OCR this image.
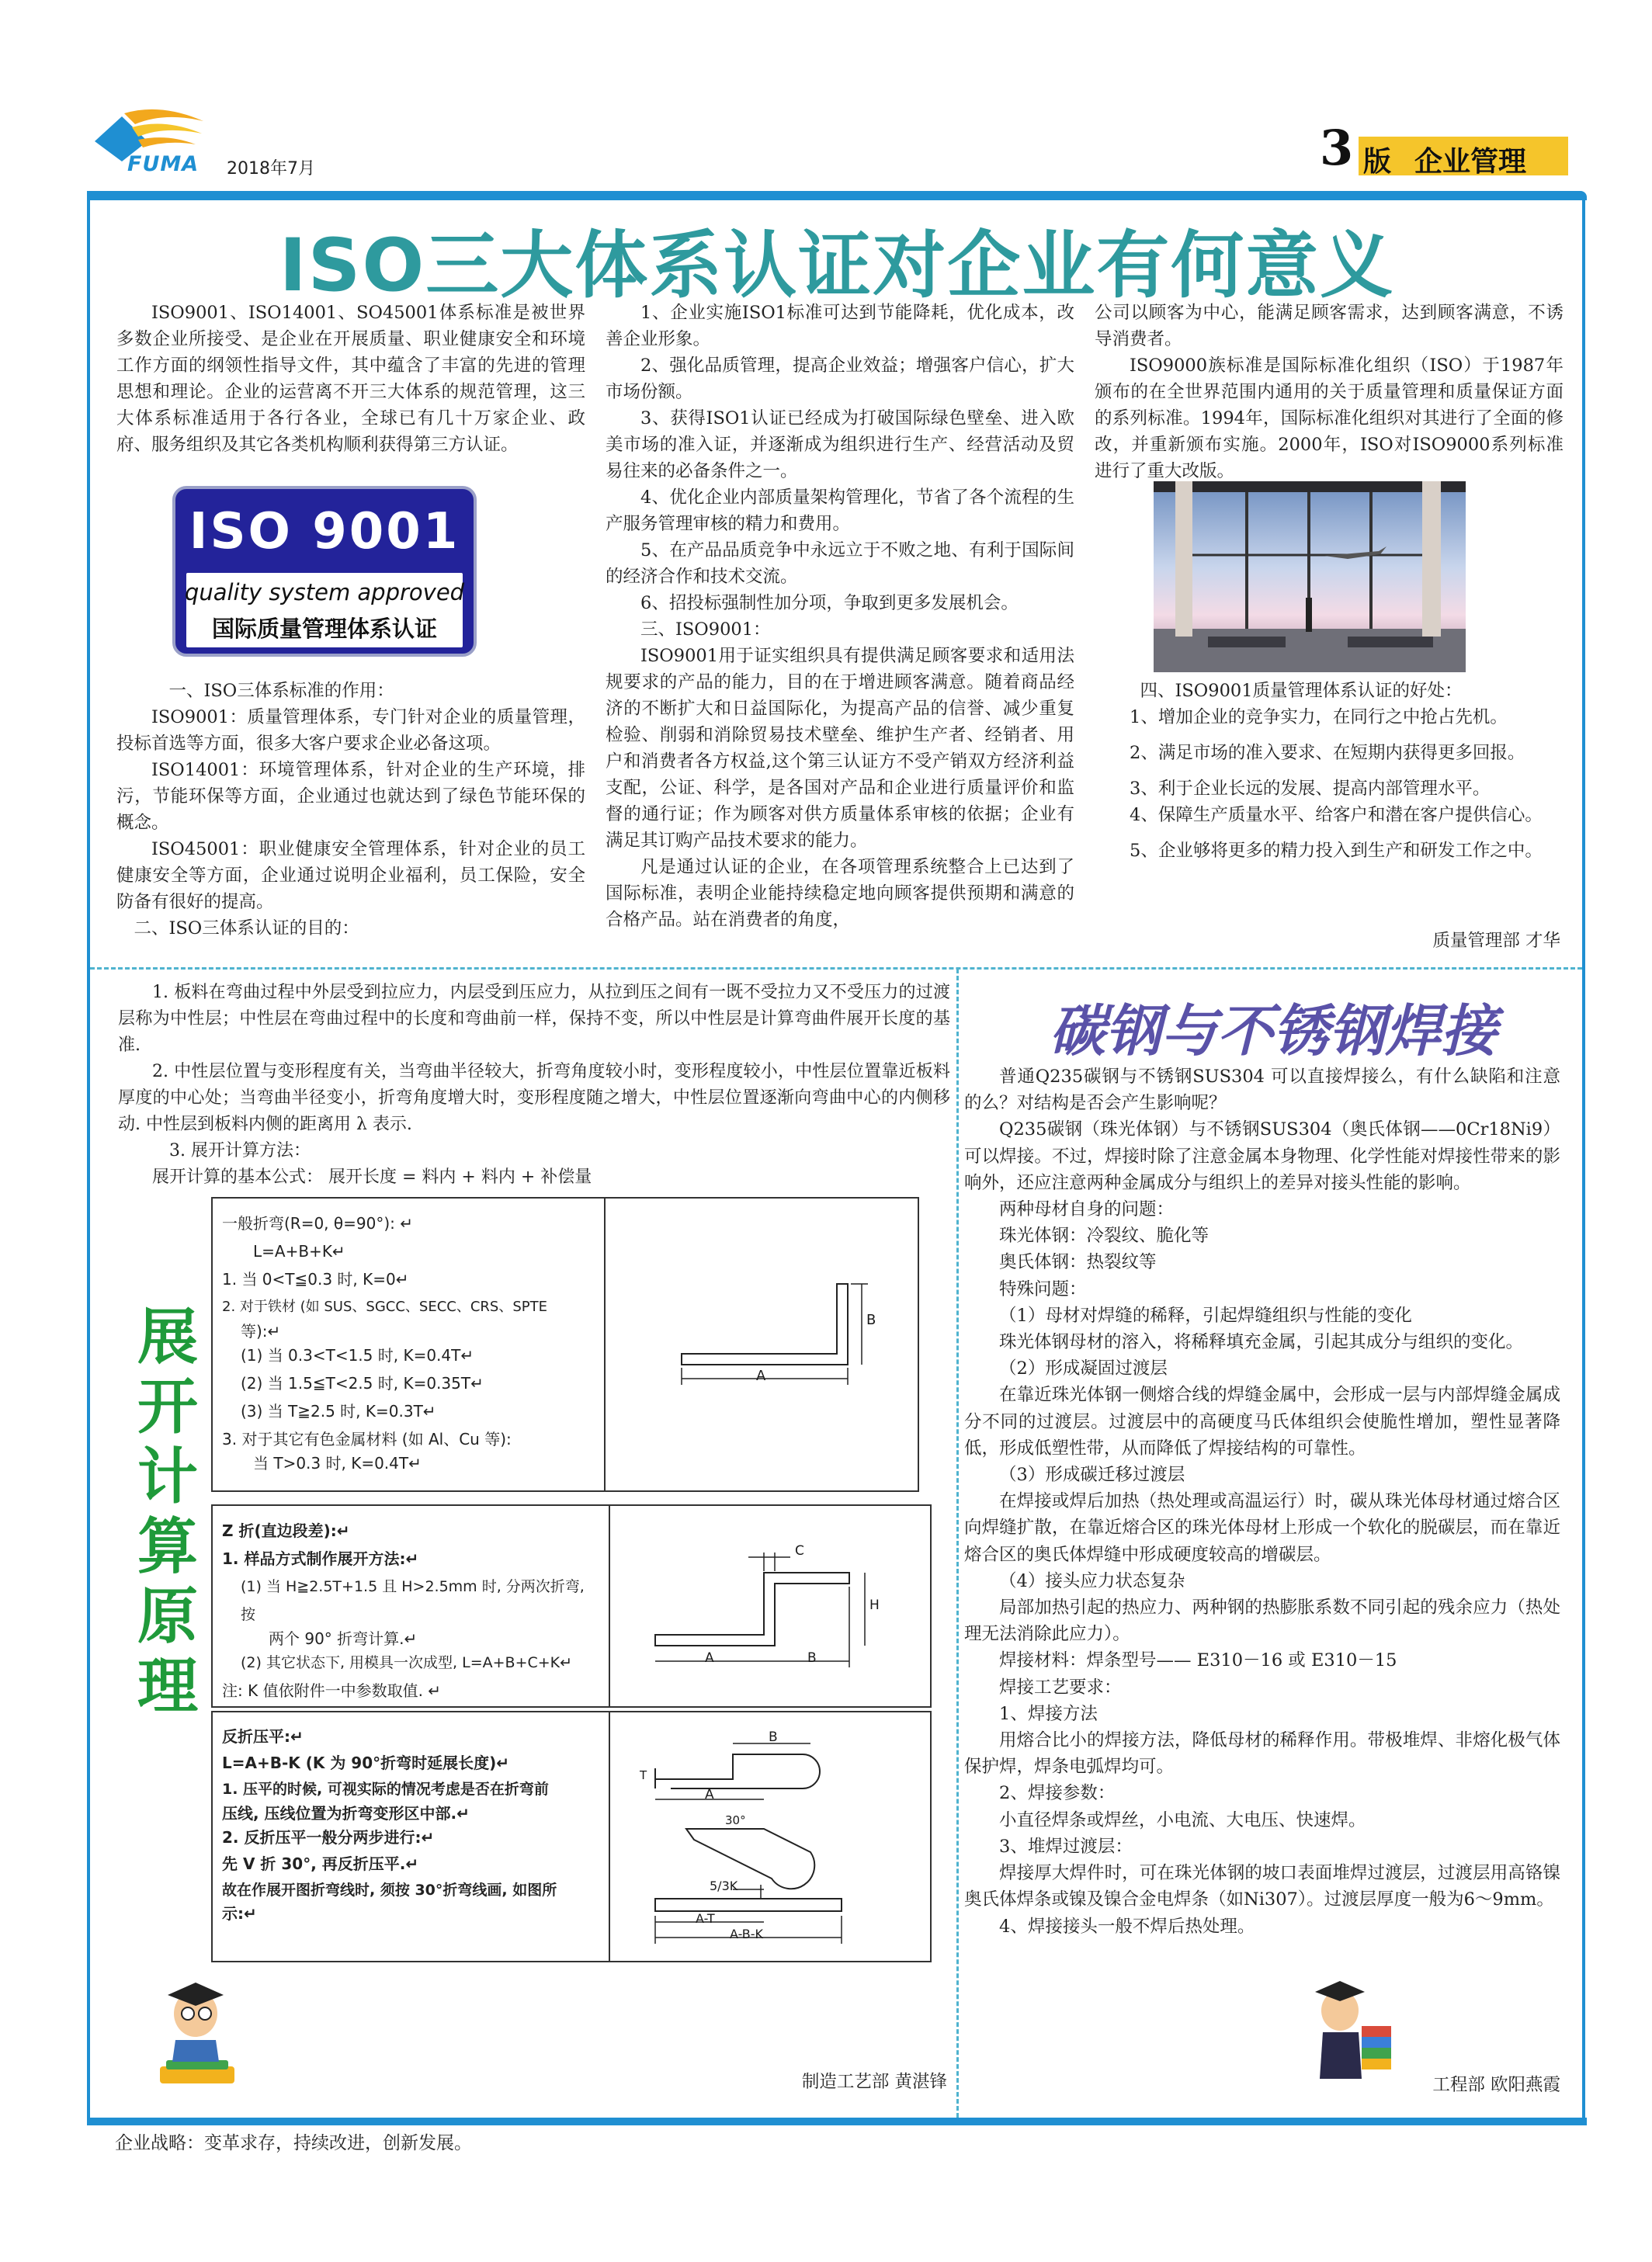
FUMA 2018年7月	3 版 企业管理
ISO三大体系认证对企业有何意义

ISO9001、ISO14001、SO45001体系标准是被世界多数企业所接受、是企业在开展质量、职业健康安全和环境工作方面的纲领性指导文件，其中蕴含了丰富的先进的管理思想和理论。企业的运营离不开三大体系的规范管理，这三大体系标准适用于各行各业，全球已有几十万家企业、政府、服务组织及其它各类机构顺利获得第三方认证。

ISO 9001
quality system approved
国际质量管理体系认证

一、ISO三体系标准的作用：

ISO9001：质量管理体系，专门针对企业的质量管理，投标首选等方面，很多大客户要求企业必备这项。

ISO14001：环境管理体系，针对企业的生产环境，排污，节能环保等方面，企业通过也就达到了绿色节能环保的概念。

ISO45001：职业健康安全管理体系，针对企业的员工健康安全等方面，企业通过说明企业福利，员工保险，安全防备有很好的提高。

二、ISO三体系认证的目的：

1、企业实施ISO1标准可达到节能降耗，优化成本，改善企业形象。

2、强化品质管理，提高企业效益；增强客户信心，扩大市场份额。

3、获得ISO1认证已经成为打破国际绿色壁垒、进入欧美市场的准入证，并逐渐成为组织进行生产、经营活动及贸易往来的必备条件之一。

4、优化企业内部质量架构管理化，节省了各个流程的生产服务管理审核的精力和费用。

5、在产品品质竞争中永远立于不败之地、有利于国际间的经济合作和技术交流。

6、招投标强制性加分项，争取到更多发展机会。

三、ISO9001：

ISO9001用于证实组织具有提供满足顾客要求和适用法规要求的产品的能力，目的在于增进顾客满意。随着商品经济的不断扩大和日益国际化，为提高产品的信誉、减少重复检验、削弱和消除贸易技术壁垒、维护生产者、经销者、用户和消费者各方权益,这个第三认证方不受产销双方经济利益支配，公证、科学，是各国对产品和企业进行质量评价和监督的通行证；作为顾客对供方质量体系审核的依据；企业有满足其订购产品技术要求的能力。

凡是通过认证的企业，在各项管理系统整合上已达到了国际标准，表明企业能持续稳定地向顾客提供预期和满意的合格产品。站在消费者的角度，

公司以顾客为中心，能满足顾客需求，达到顾客满意，不诱导消费者。

ISO9000族标准是国际标准化组织（ISO）于1987年颁布的在全世界范围内通用的关于质量管理和质量保证方面的系列标准。1994年，国际标准化组织对其进行了全面的修改，并重新颁布实施。2000年，ISO对ISO9000系列标准进行了重大改版。

四、ISO9001质量管理体系认证的好处：

1、增加企业的竞争实力，在同行之中抢占先机。

2、满足市场的准入要求、在短期内获得更多回报。

3、利于企业长远的发展、提高内部管理水平。

4、保障生产质量水平、给客户和潜在客户提供信心。

5、企业够将更多的精力投入到生产和研发工作之中。

质量管理部 才华

1. 板料在弯曲过程中外层受到拉应力，内层受到压应力，从拉到压之间有一既不受拉力又不受压力的过渡层称为中性层；中性层在弯曲过程中的长度和弯曲前一样，保持不变，所以中性层是计算弯曲件展开长度的基准.

2. 中性层位置与变形程度有关，当弯曲半径较大，折弯角度较小时，变形程度较小，中性层位置靠近板料厚度的中心处；当弯曲半径变小，折弯角度增大时，变形程度随之增大，中性层位置逐渐向弯曲中心的内侧移动. 中性层到板料内侧的距离用 λ 表示.

3. 展开计算方法：

展开计算的基本公式： 展开长度 = 料内 + 料内 + 补偿量

展
开
计
算
原
理
一般折弯(R=0, θ=90°): ↵
L=A+B+K↵
1. 当 0<T≦0.3 时, K=0↵
2. 对于铁材 (如 SUS、SGCC、SECC、CRS、SPTE
等):↵
(1) 当 0.3<T<1.5 时, K=0.4T↵
(2) 当 1.5≦T<2.5 时, K=0.35T↵
(3) 当 T≧2.5 时, K=0.3T↵
3. 对于其它有色金属材料 (如 Al、Cu 等):
当 T>0.3 时, K=0.4T↵
A
B
Z 折(直边段差):↵
1. 样品方式制作展开方法:↵
(1) 当 H≧2.5T+1.5 且 H>2.5mm 时, 分两次折弯, 按
两个 90° 折弯计算.↵
(2) 其它状态下, 用模具一次成型, L=A+B+C+K↵
注: K 值依附件一中参数取值. ↵
A	B
C
H
反折压平:↵
L=A+B-K (K 为 90°折弯时延展长度)↵
1. 压平的时候, 可视实际的情况考虑是否在折弯前
压线, 压线位置为折弯变形区中部.↵
2. 反折压平一般分两步进行:↵
先 V 折 30°, 再反折压平.↵
故在作展开图折弯线时, 须按 30°折弯线画, 如图所
示:↵
B
A
T
30°
5/3K
A-T
A-B-K
制造工艺部 黄湛锋
碳钢与不锈钢焊接

普通Q235碳钢与不锈钢SUS304 可以直接焊接么，有什么缺陷和注意的么？对结构是否会产生影响呢？

Q235碳钢（珠光体钢）与不锈钢SUS304（奥氏体钢——0Cr18Ni9）可以焊接。不过，焊接时除了注意金属本身物理、化学性能对焊接性带来的影响外，还应注意两种金属成分与组织上的差异对接头性能的影响。

两种母材自身的问题：

珠光体钢：冷裂纹、脆化等

奥氏体钢：热裂纹等

特殊问题：

（1）母材对焊缝的稀释，引起焊缝组织与性能的变化

珠光体钢母材的溶入，将稀释填充金属，引起其成分与组织的变化。

（2）形成凝固过渡层

在靠近珠光体钢一侧熔合线的焊缝金属中，会形成一层与内部焊缝金属成分不同的过渡层。过渡层中的高硬度马氏体组织会使脆性增加，塑性显著降低，形成低塑性带，从而降低了焊接结构的可靠性。

（3）形成碳迁移过渡层

在焊接或焊后加热（热处理或高温运行）时，碳从珠光体母材通过熔合区向焊缝扩散，在靠近熔合区的珠光体母材上形成一个软化的脱碳层，而在靠近熔合区的奥氏体焊缝中形成硬度较高的增碳层。

（4）接头应力状态复杂

局部加热引起的热应力、两种钢的热膨胀系数不同引起的残余应力（热处理无法消除此应力）。

焊接材料：焊条型号—— E310－16 或 E310－15

焊接工艺要求：

1、焊接方法

用熔合比小的焊接方法，降低母材的稀释作用。带极堆焊、非熔化极气体保护焊，焊条电弧焊均可。

2、焊接参数：

小直径焊条或焊丝，小电流、大电压、快速焊。

3、堆焊过渡层：

焊接厚大焊件时，可在珠光体钢的坡口表面堆焊过渡层，过渡层用高铬镍奥氏体焊条或镍及镍合金电焊条（如Ni307）。过渡层厚度一般为6～9mm。

4、焊接接头一般不焊后热处理。

工程部 欧阳燕霞
企业战略：变革求存，持续改进，创新发展。
